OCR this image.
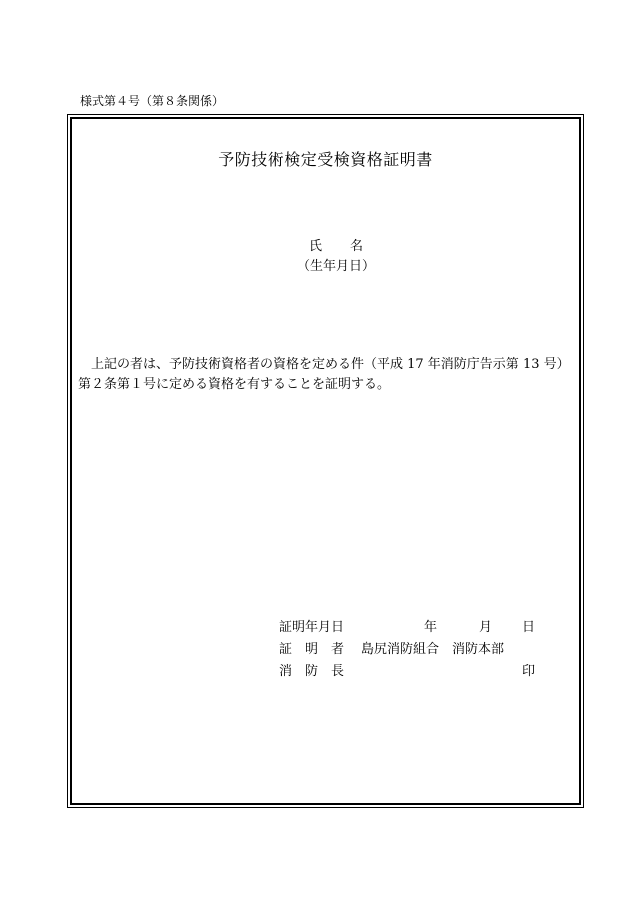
様式第４号（第８条関係）
予防技術検定受検資格証明書
氏 名
（生年月日）
上記の者は、予防技術資格者の資格を定める件（平成 17 年消防庁告示第 13 号）
第２条第１号に定める資格を有することを証明する。
証明年月日	年	月 日
証　明　者 島尻消防組合　消防本部
消　防　長	印
